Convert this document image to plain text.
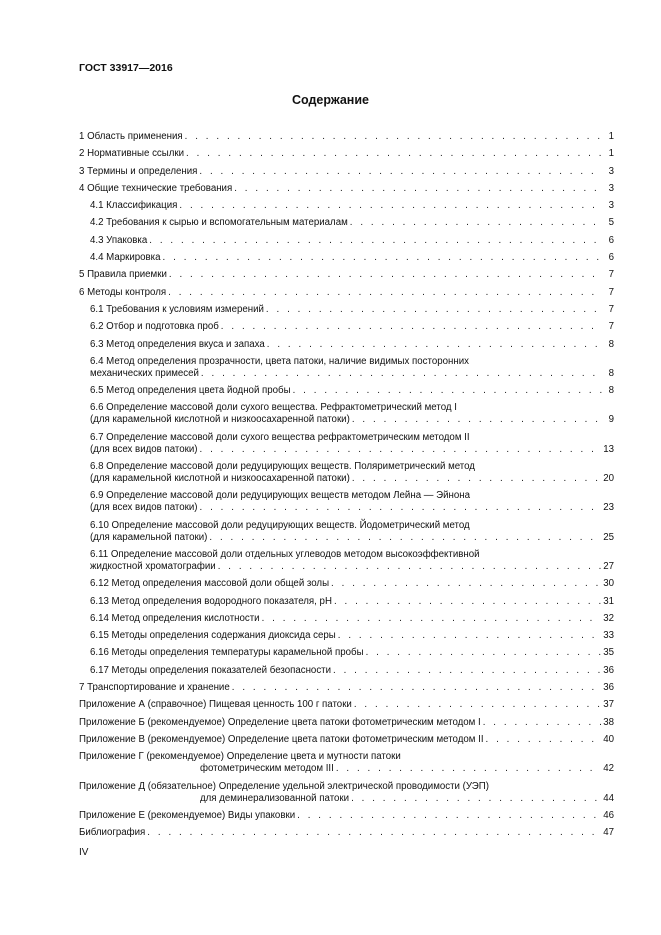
ГОСТ 33917—2016
Содержание
1 Область применения . . .	1
2 Нормативные ссылки . . .	1
3 Термины и определения . . .	3
4 Общие технические требования . . .	3
4.1 Классификация . . .	3
4.2 Требования к сырью и вспомогательным материалам . . .	5
4.3 Упаковка . . .	6
4.4 Маркировка . . .	6
5 Правила приемки . . .	7
6 Методы контроля . . .	7
6.1 Требования к условиям измерений . . .	7
6.2 Отбор и подготовка проб . . .	7
6.3 Метод определения вкуса и запаха . . .	8
6.4 Метод определения прозрачности, цвета патоки, наличие видимых посторонних
механических примесей . . .	8
6.5 Метод определения цвета йодной пробы . . .	8
6.6 Определение массовой доли сухого вещества. Рефрактометрический метод I
(для карамельной кислотной и низкоосахаренной патоки) . . .	9
6.7 Определение массовой доли сухого вещества рефрактометрическим методом II
(для всех видов патоки) . . .	13
6.8 Определение массовой доли редуцирующих веществ. Поляриметрический метод
(для карамельной кислотной и низкоосахаренной патоки) . . .	20
6.9 Определение массовой доли редуцирующих веществ методом Лейна — Эйнона
(для всех видов патоки) . . .	23
6.10 Определение массовой доли редуцирующих веществ. Йодометрический метод
(для карамельной патоки) . . .	25
6.11 Определение массовой доли отдельных углеводов методом высокоэффективной
жидкостной хроматографии . . .	27
6.12 Метод определения массовой доли общей золы . . .	30
6.13 Метод определения водородного показателя, pH . . .	31
6.14 Метод определения кислотности . . .	32
6.15 Методы определения содержания диоксида серы . . .	33
6.16 Методы определения температуры карамельной пробы . . .	35
6.17 Методы определения показателей безопасности . . .	36
7 Транспортирование и хранение . . .	36
Приложение А (справочное) Пищевая ценность 100 г патоки . . .	37
Приложение Б (рекомендуемое) Определение цвета патоки фотометрическим методом I . . .	38
Приложение В (рекомендуемое) Определение цвета патоки фотометрическим методом II . . .	40
Приложение Г (рекомендуемое) Определение цвета и мутности патоки
фотометрическим методом III . . .	42
Приложение Д (обязательное) Определение удельной электрической проводимости (УЭП)
для деминерализованной патоки . . .	44
Приложение Е (рекомендуемое) Виды упаковки . . .	46
Библиография . . .	47
IV
